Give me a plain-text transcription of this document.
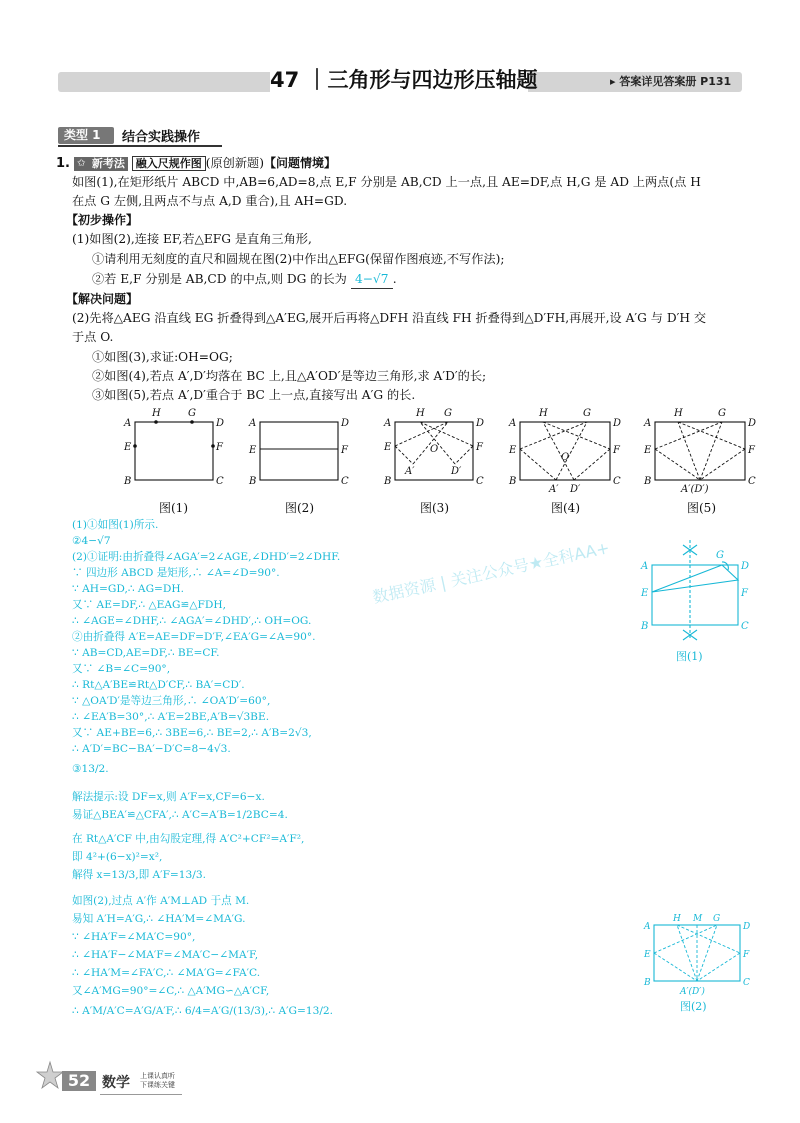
47 ｜三角形与四边形压轴题	▸ 答案详见答案册 P131
类型 1	结合实践操作
1. ✩ 新考法 融入尺规作图 (原创新题)【问题情境】
如图(1),在矩形纸片 ABCD 中,AB=6,AD=8,点 E,F 分别是 AB,CD 上一点,且 AE=DF,点 H,G 是 AD 上两点(点 H
在点 G 左侧,且两点不与点 A,D 重合),且 AH=GD.
【初步操作】
(1)如图(2),连接 EF,若△EFG 是直角三角形,
①请利用无刻度的直尺和圆规在图(2)中作出△EFG(保留作图痕迹,不写作法);
②若 E,F 分别是 AB,CD 的中点,则 DG 的长为 4−√7 .
【解决问题】
(2)先将△AEG 沿直线 EG 折叠得到△A′EG,展开后再将△DFH 沿直线 FH 折叠得到△D′FH,再展开,设 A′G 与 D′H 交
于点 O.
①如图(3),求证:OH=OG;
②如图(4),若点 A′,D′均落在 BC 上,且△A′OD′是等边三角形,求 A′D′的长;
③如图(5),若点 A′,D′重合于 BC 上一点,直接写出 A′G 的长.
A
H	G
D
E	F
B	C
A	D
E	F
B	C
A
H G
D
E	F
O
A′	D′
B	C
A
H	G
D
E	F
O
B	C
A′ D′
A
H	G
D
E	F
B	C
A′(D′)
图(1)	图(2)	图(3)	图(4)	图(5)
(1)①如图(1)所示.
②4−√7
(2)①证明:由折叠得∠AGA′=2∠AGE,∠DHD′=2∠DHF.
∵ 四边形 ABCD 是矩形,∴ ∠A=∠D=90°.
∵ AH=GD,∴ AG=DH.
又∵ AE=DF,∴ △EAG≌△FDH,
∴ ∠AGE=∠DHF,∴ ∠AGA′=∠DHD′,∴ OH=OG.
②由折叠得 A′E=AE=DF=D′F,∠EA′G=∠A=90°.
∵ AB=CD,AE=DF,∴ BE=CF.
又∵ ∠B=∠C=90°,
∴ Rt△A′BE≌Rt△D′CF,∴ BA′=CD′.
∵ △OA′D′是等边三角形,∴ ∠OA′D′=60°,
∴ ∠EA′B=30°,∴ A′E=2BE,A′B=√3BE.
又∵ AE+BE=6,∴ 3BE=6,∴ BE=2,∴ A′B=2√3,
∴ A′D′=BC−BA′−D′C=8−4√3.
③13/2.
解法提示:设 DF=x,则 A′F=x,CF=6−x.
易证△BEA′≌△CFA′,∴ A′C=A′B=1/2BC=4.
在 Rt△A′CF 中,由勾股定理,得 A′C²+CF²=A′F²,
即 4²+(6−x)²=x²,
解得 x=13/3,即 A′F=13/3.
如图(2),过点 A′作 A′M⊥AD 于点 M.
易知 A′H=A′G,∴ ∠HA′M=∠MA′G.
∵ ∠HA′F=∠MA′C=90°,
∴ ∠HA′F−∠MA′F=∠MA′C−∠MA′F,
∴ ∠HA′M=∠FA′C,∴ ∠MA′G=∠FA′C.
又∠A′MG=90°=∠C,∴ △A′MG∽△A′CF,
∴ A′M/A′C=A′G/A′F,∴ 6/4=A′G/(13/3),∴ A′G=13/2.
数据资源 | 关注公众号★全科AA+	A
G
D
E	F
B	C
图(1)
A
H M G
D
E	F
B	C
A′(D′)
图(2)
52 数学 上课认真听
下课练关键
